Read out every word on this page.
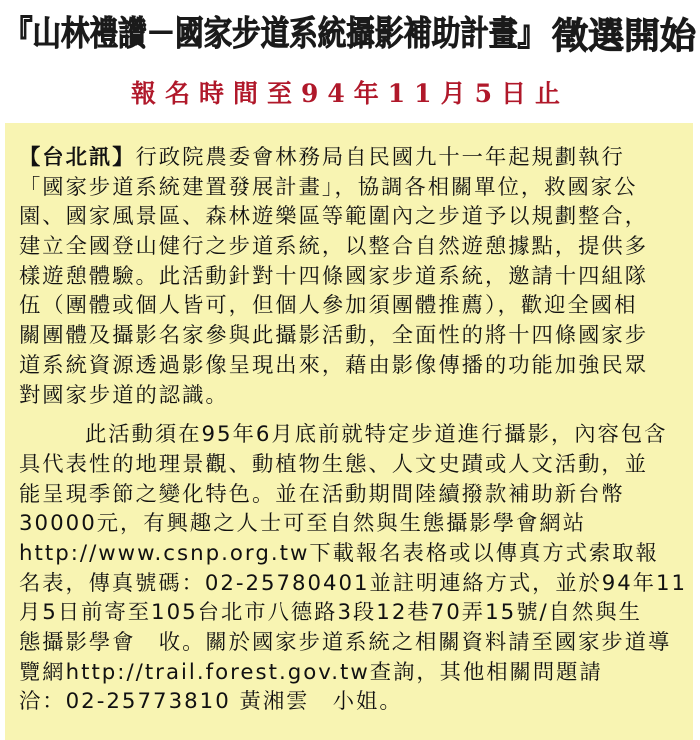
『山林禮讚－國家步道系統攝影補助計畫』 徵選開始
報名時間至94年11月5日止
【台北訊】行政院農委會林務局自民國九十一年起規劃執行
「國家步道系統建置發展計畫」，協調各相關單位，救國家公
園、國家風景區、森林遊樂區等範圍內之步道予以規劃整合，
建立全國登山健行之步道系統，以整合自然遊憩據點，提供多
樣遊憩體驗。此活動針對十四條國家步道系統，邀請十四組隊
伍（團體或個人皆可，但個人參加須團體推薦），歡迎全國相
關團體及攝影名家參與此攝影活動，全面性的將十四條國家步
道系統資源透過影像呈現出來，藉由影像傳播的功能加強民眾
對國家步道的認識。
此活動須在95年6月底前就特定步道進行攝影，內容包含
具代表性的地理景觀、動植物生態、人文史蹟或人文活動，並
能呈現季節之變化特色。並在活動期間陸續撥款補助新台幣
30000元，有興趣之人士可至自然與生態攝影學會網站
http://www.csnp.org.tw下載報名表格或以傳真方式索取報
名表，傳真號碼：02-25780401並註明連絡方式，並於94年11
月5日前寄至105台北市八德路3段12巷70弄15號/自然與生
態攝影學會　收。關於國家步道系統之相關資料請至國家步道導
覽網http://trail.forest.gov.tw查詢，其他相關問題請
洽：02-25773810 黃湘雲　小姐。
